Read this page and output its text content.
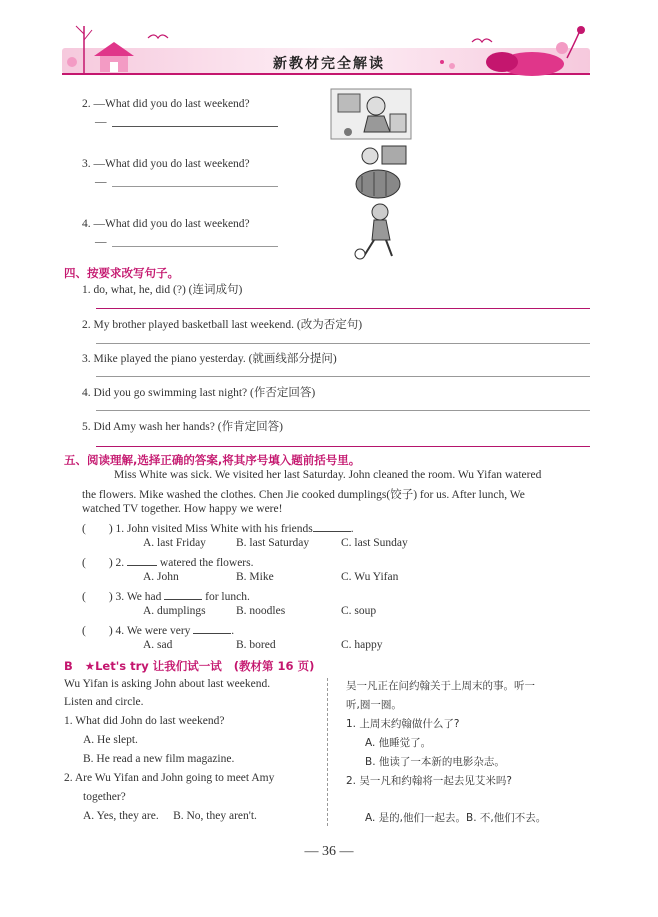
新教材完全解读
2. —What did you do last weekend?
—
3. —What did you do last weekend?
—
4. —What did you do last weekend?
—
四、按要求改写句子。
1. do, what, he, did (?) (连词成句)
2. My brother played basketball last weekend. (改为否定句)
3. Mike played the piano yesterday. (就画线部分提问)
4. Did you go swimming last night? (作否定回答)
5. Did Amy wash her hands? (作肯定回答)
五、阅读理解,选择正确的答案,将其序号填入题前括号里。
Miss White was sick. We visited her last Saturday. John cleaned the room. Wu Yifan watered
the flowers. Mike washed the clothes. Chen Jie cooked dumplings(饺子) for us. After lunch, We
watched TV together. How happy we were!
(　　) 1. John visited Miss White with his friends	.
A. last Friday	B. last Saturday	C. last Sunday
(　　) 2.	watered the flowers.
A. John	B. Mike	C. Wu Yifan
(　　) 3. We had	for lunch.
A. dumplings	B. noodles	C. soup
(　　) 4. We were very	.
A. sad	B. bored	C. happy
B ★Let's try 让我们试一试 (教材第 16 页)
Wu Yifan is asking John about last weekend.
Listen and circle.
1. What did John do last weekend?
A. He slept.
B. He read a new film magazine.
2. Are Wu Yifan and John going to meet Amy
together?
A. Yes, they are.     B. No, they aren't.
吴一凡正在问约翰关于上周末的事。听一
听,圈一圈。
1. 上周末约翰做什么了?
A. 他睡觉了。
B. 他读了一本新的电影杂志。
2. 吴一凡和约翰将一起去见艾米吗?
A. 是的,他们一起去。B. 不,他们不去。
— 36 —
